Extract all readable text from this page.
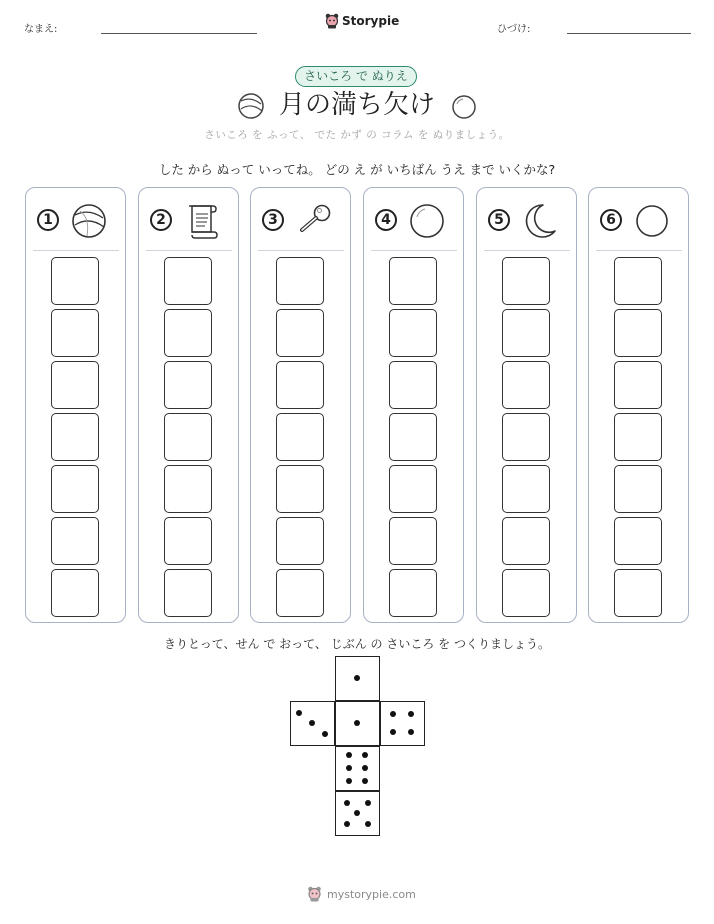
なまえ:
Storypie
ひづけ:
さいころ で ぬりえ
月の満ち欠け
さいころ を ふって、 でた かず の コラム を ぬりましょう。
した から ぬって いってね。 どの え が いちばん うえ まで いくかな?
1	2	3	4	5	6
きりとって、せん で おって、 じぶん の さいころ を つくりましょう。
mystorypie.com
